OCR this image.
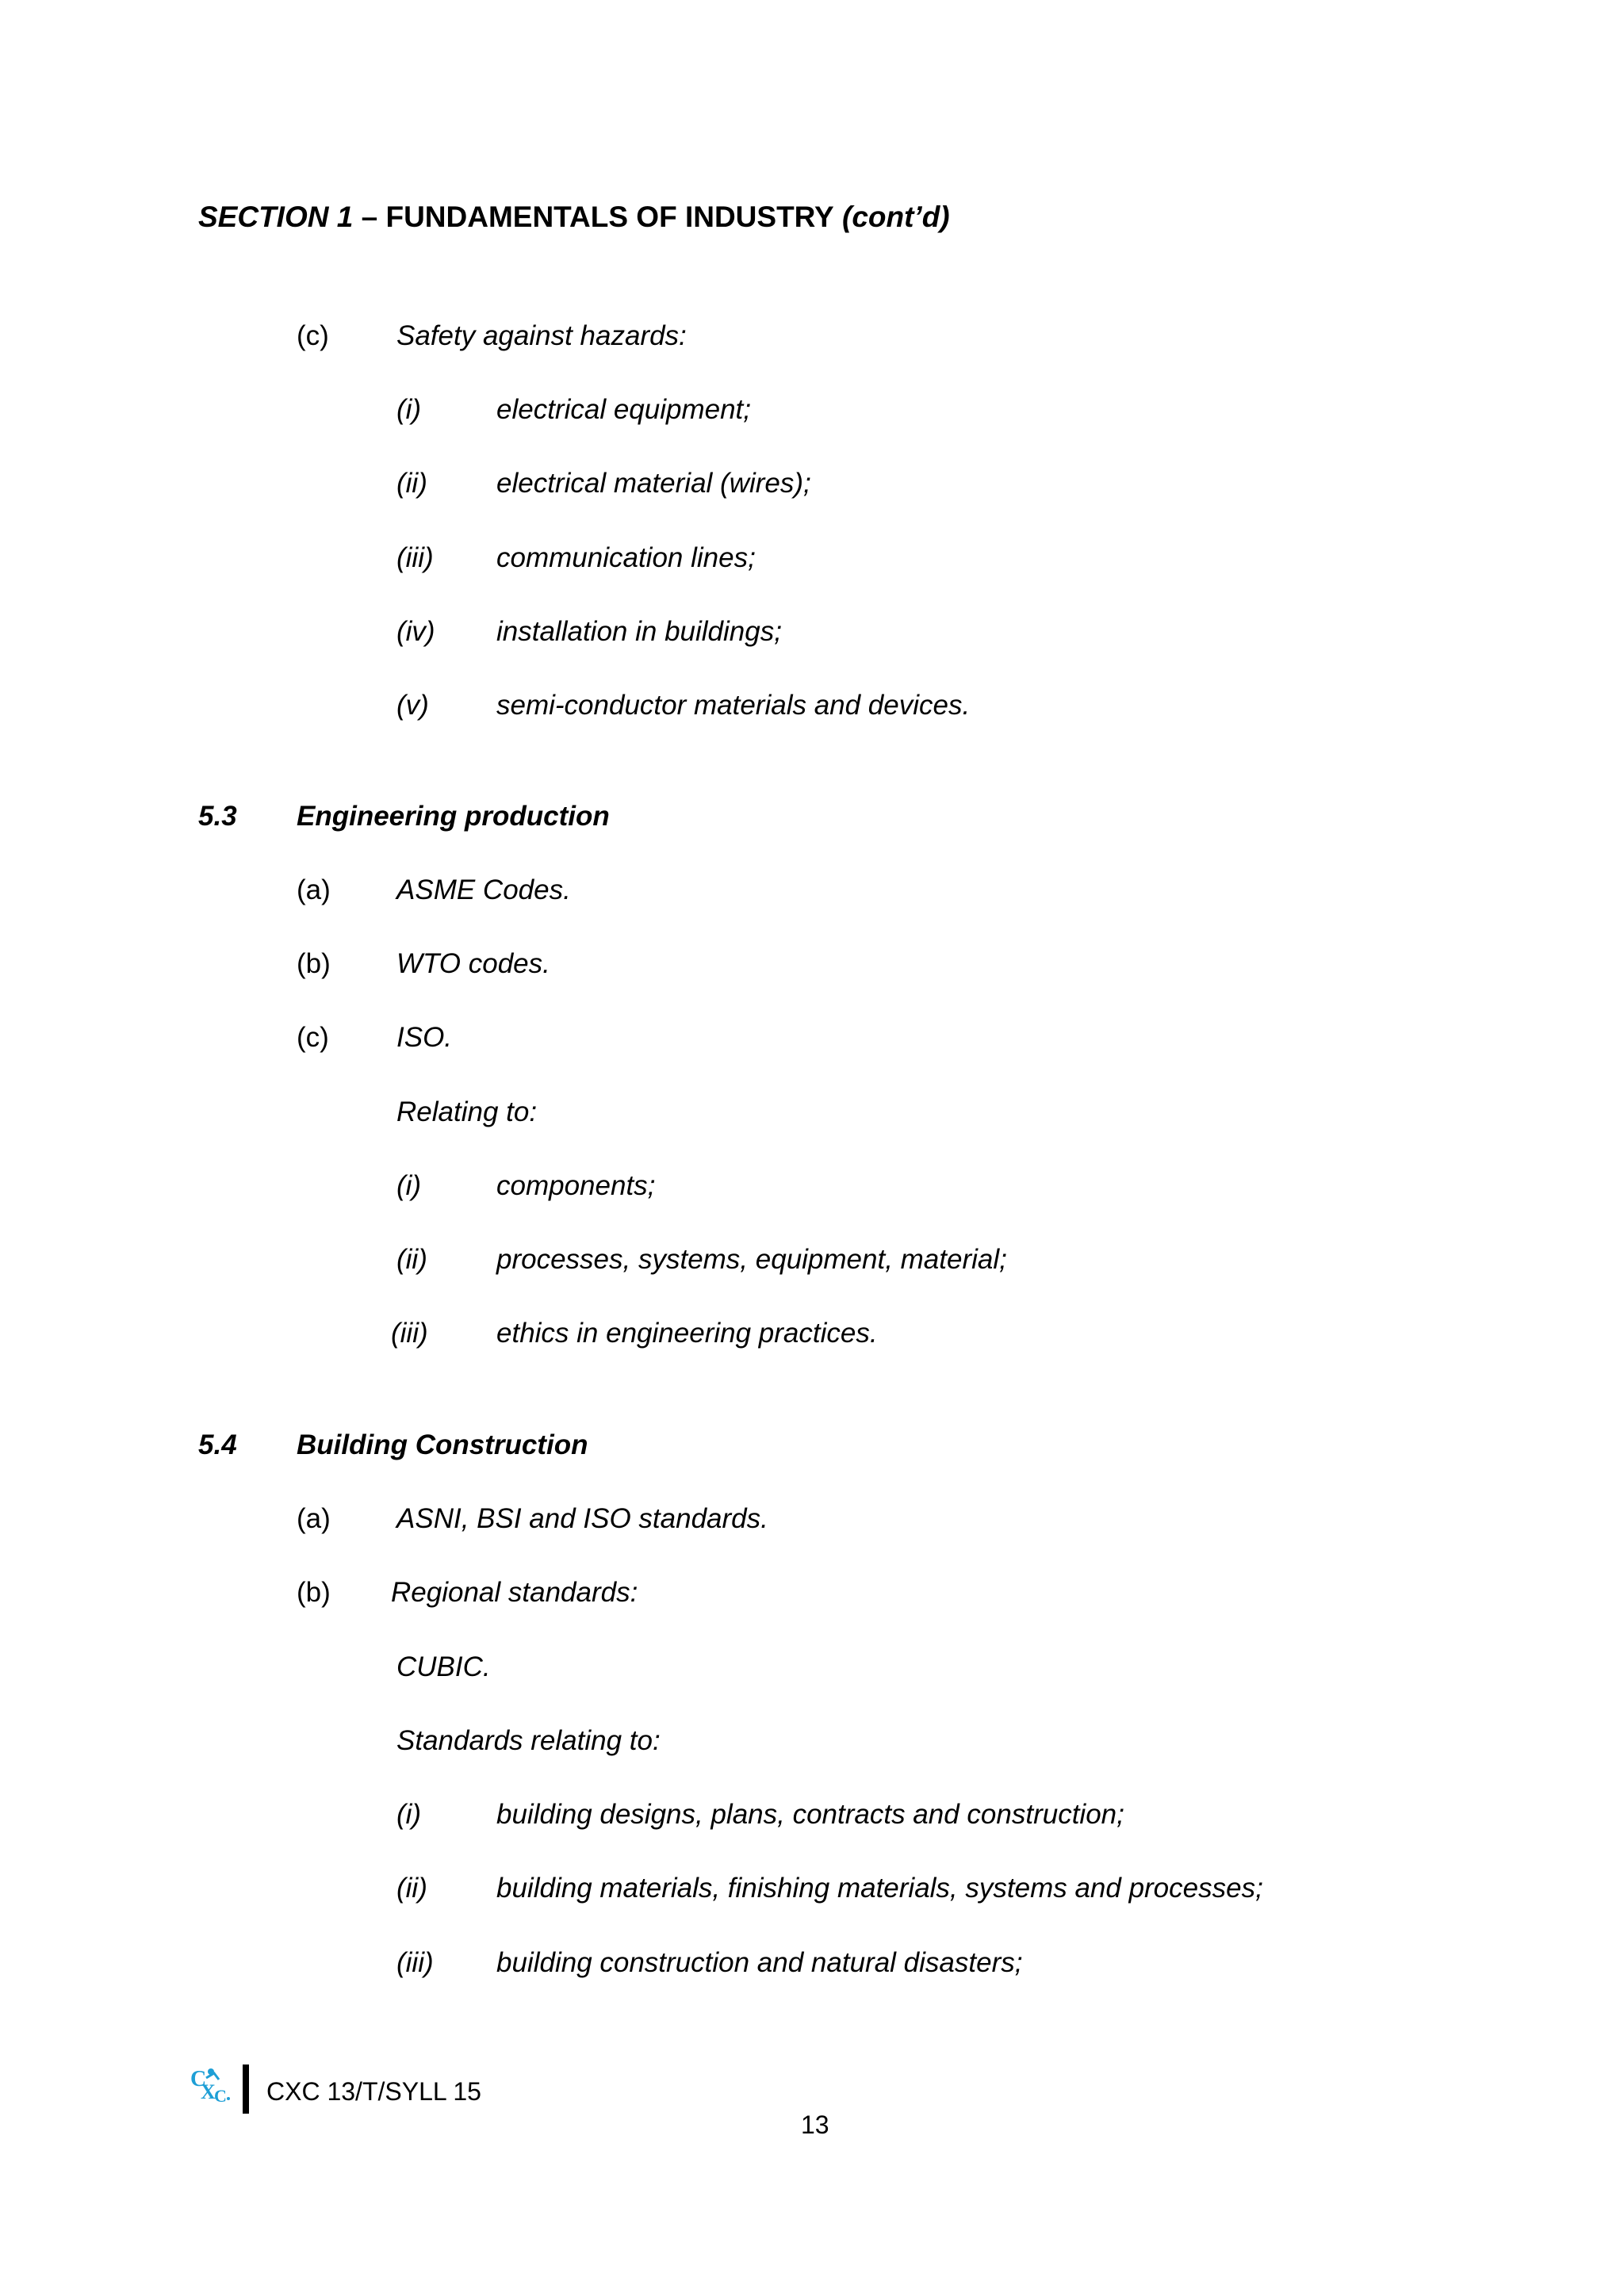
SECTION 1 – FUNDAMENTALS OF INDUSTRY (cont’d)
(c) Safety against hazards:
(i)	electrical equipment;
(ii) electrical material (wires);
(iii) communication lines;
(iv) installation in buildings;
(v) semi-conductor materials and devices.
5.3 Engineering production
(a) ASME Codes.
(b) WTO codes.
(c) ISO.
Relating to:
(i)	components;
(ii) processes, systems, equipment, material;
(iii) ethics in engineering practices.
5.4 Building Construction
(a) ASNI, BSI and ISO standards.
(b) Regional standards:
CUBIC.
Standards relating to:
(i)	building designs, plans, contracts and construction;
(ii) building materials, finishing materials, systems and processes;
(iii) building construction and natural disasters;
C
X
C CXC 13/T/SYLL 15
13
